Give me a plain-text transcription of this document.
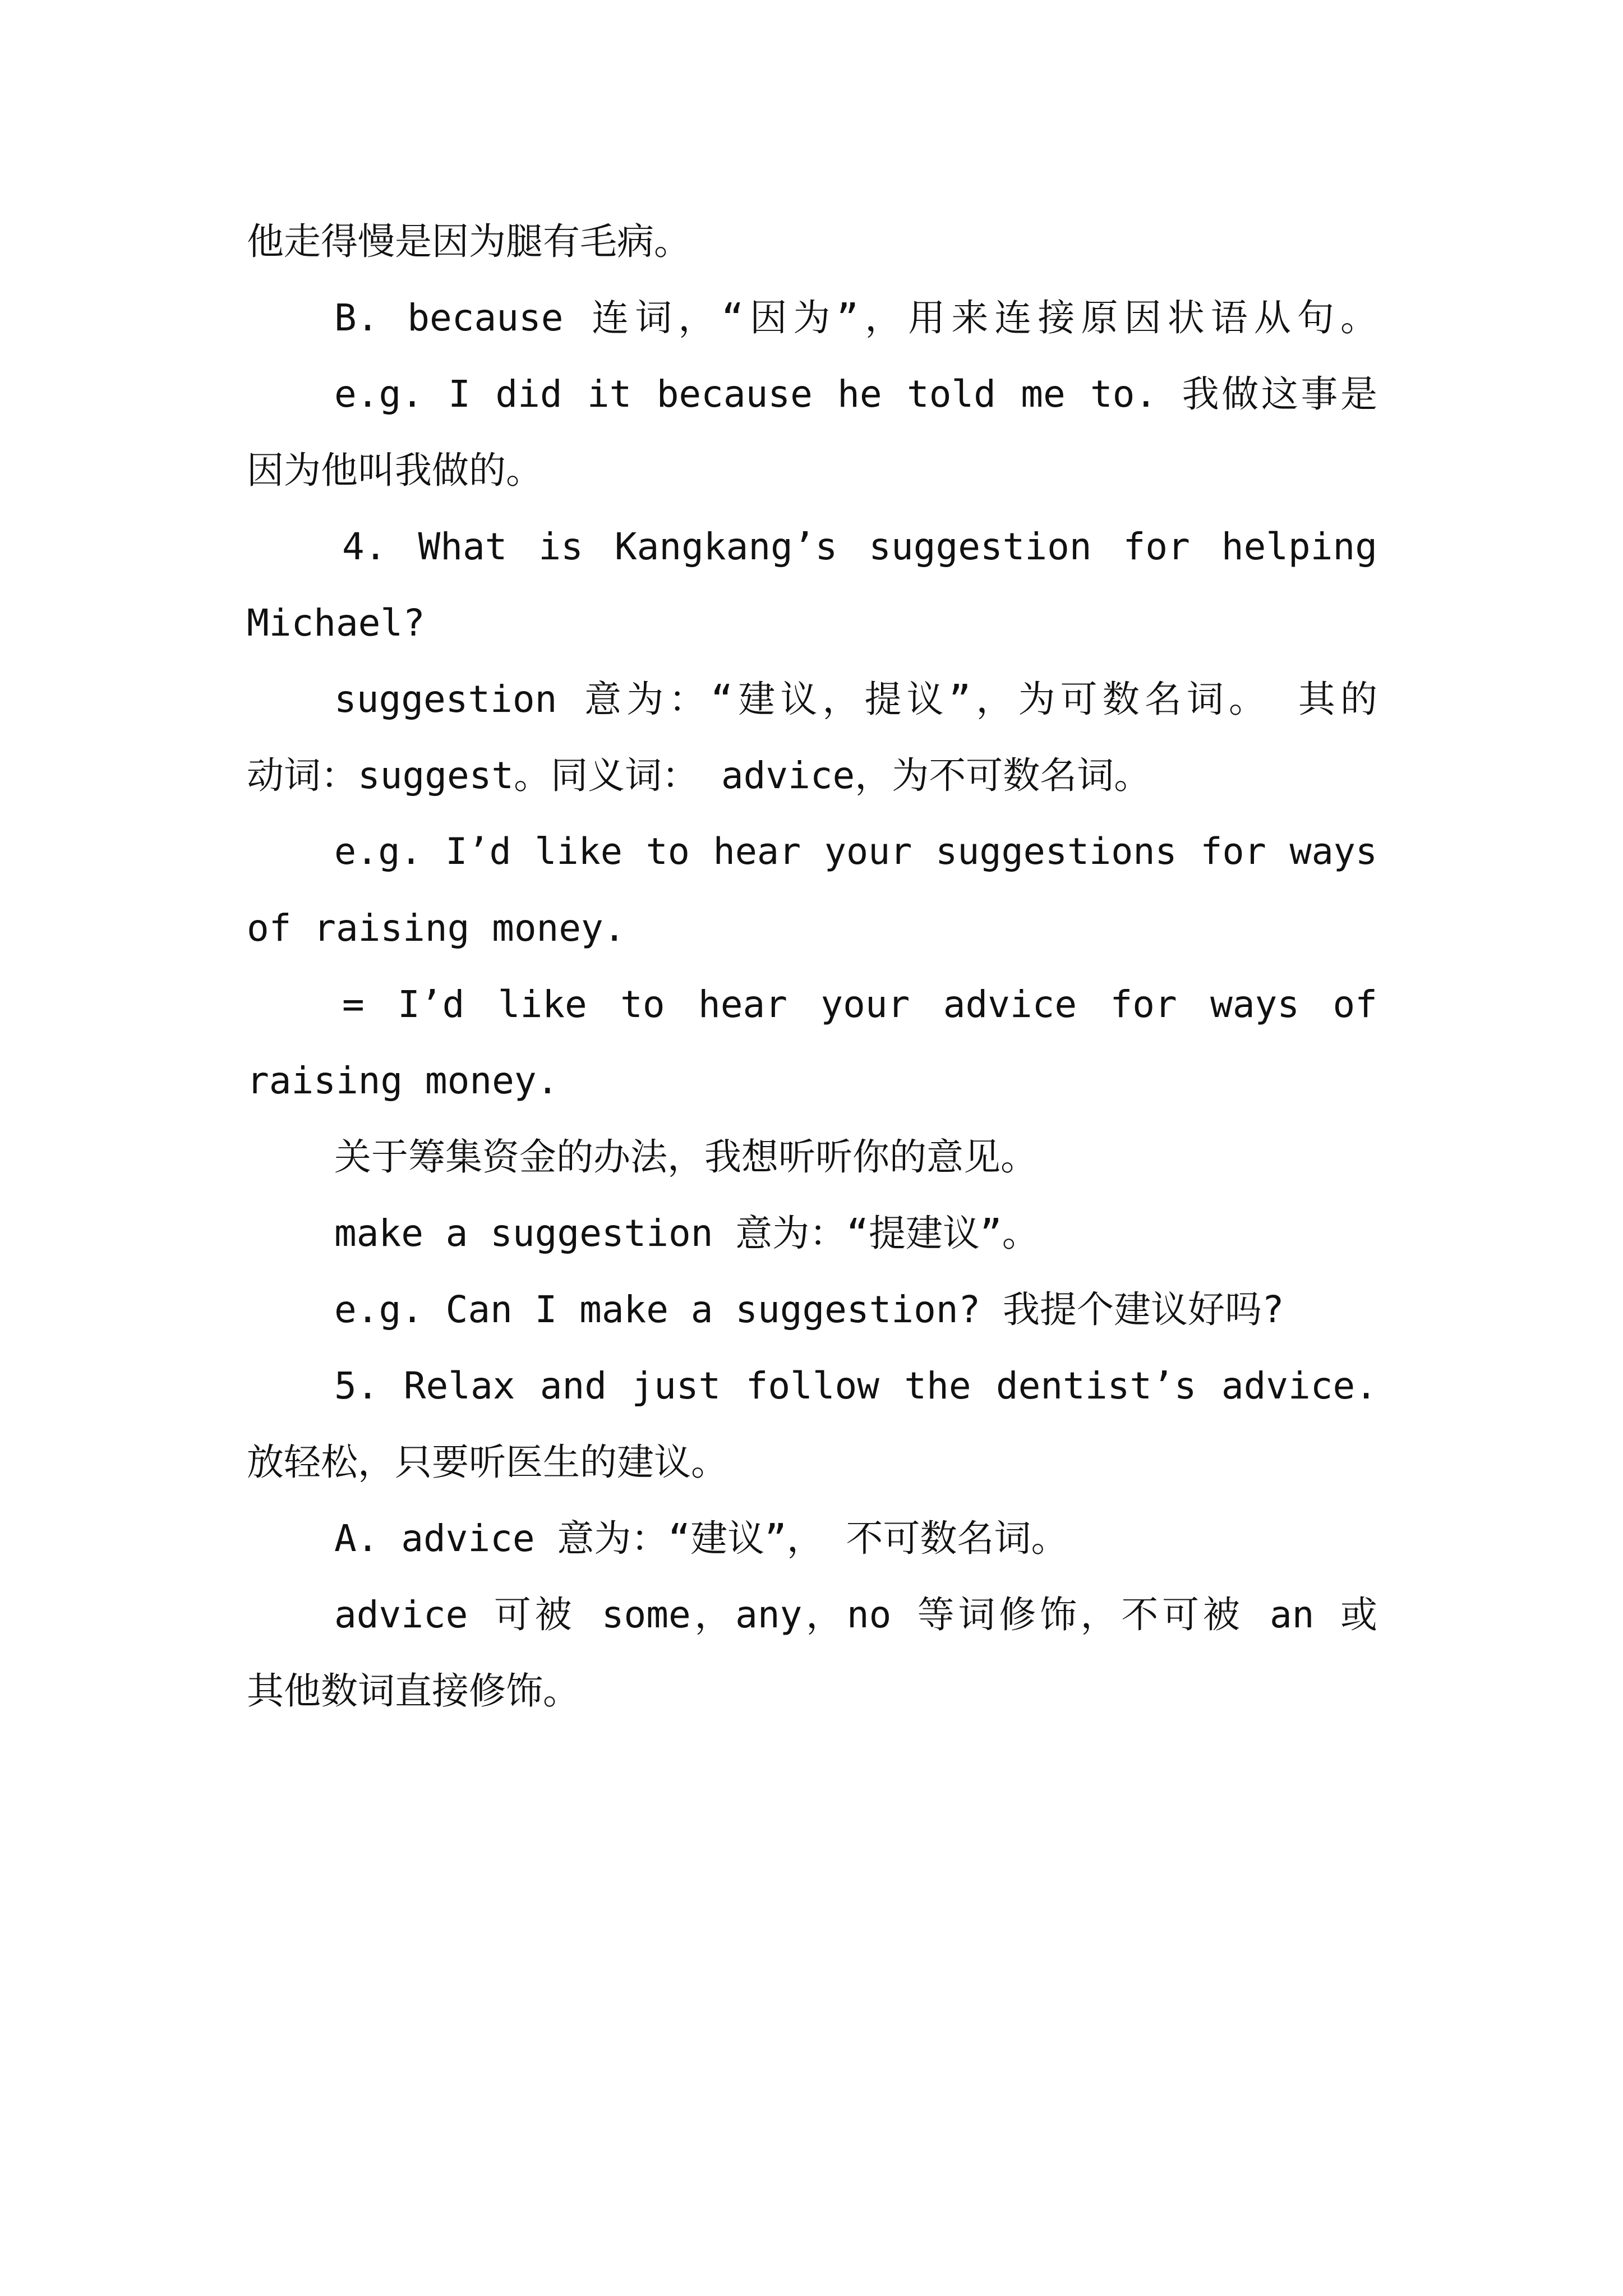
他走得慢是因为腿有毛病。
B. because 连词，“因为”，用来连接原因状语从句。
e.g. I did it because he told me to. 我做这事是
因为他叫我做的。
4. What is Kangkang’s suggestion for helping
Michael?
suggestion 意为：“建议，提议”，为可数名词。 其的
动词：suggest。同义词： advice，为不可数名词。
e.g. I’d like to hear your suggestions for ways
of raising money.
= I’d like to hear your advice for ways of
raising money.
关于筹集资金的办法，我想听听你的意见。
make a suggestion 意为：“提建议”。
e.g. Can I make a suggestion? 我提个建议好吗?
5. Relax and just follow the dentist’s advice.
放轻松，只要听医生的建议。
A. advice 意为：“建议”， 不可数名词。
advice 可被 some，any，no 等词修饰，不可被 an 或
其他数词直接修饰。
